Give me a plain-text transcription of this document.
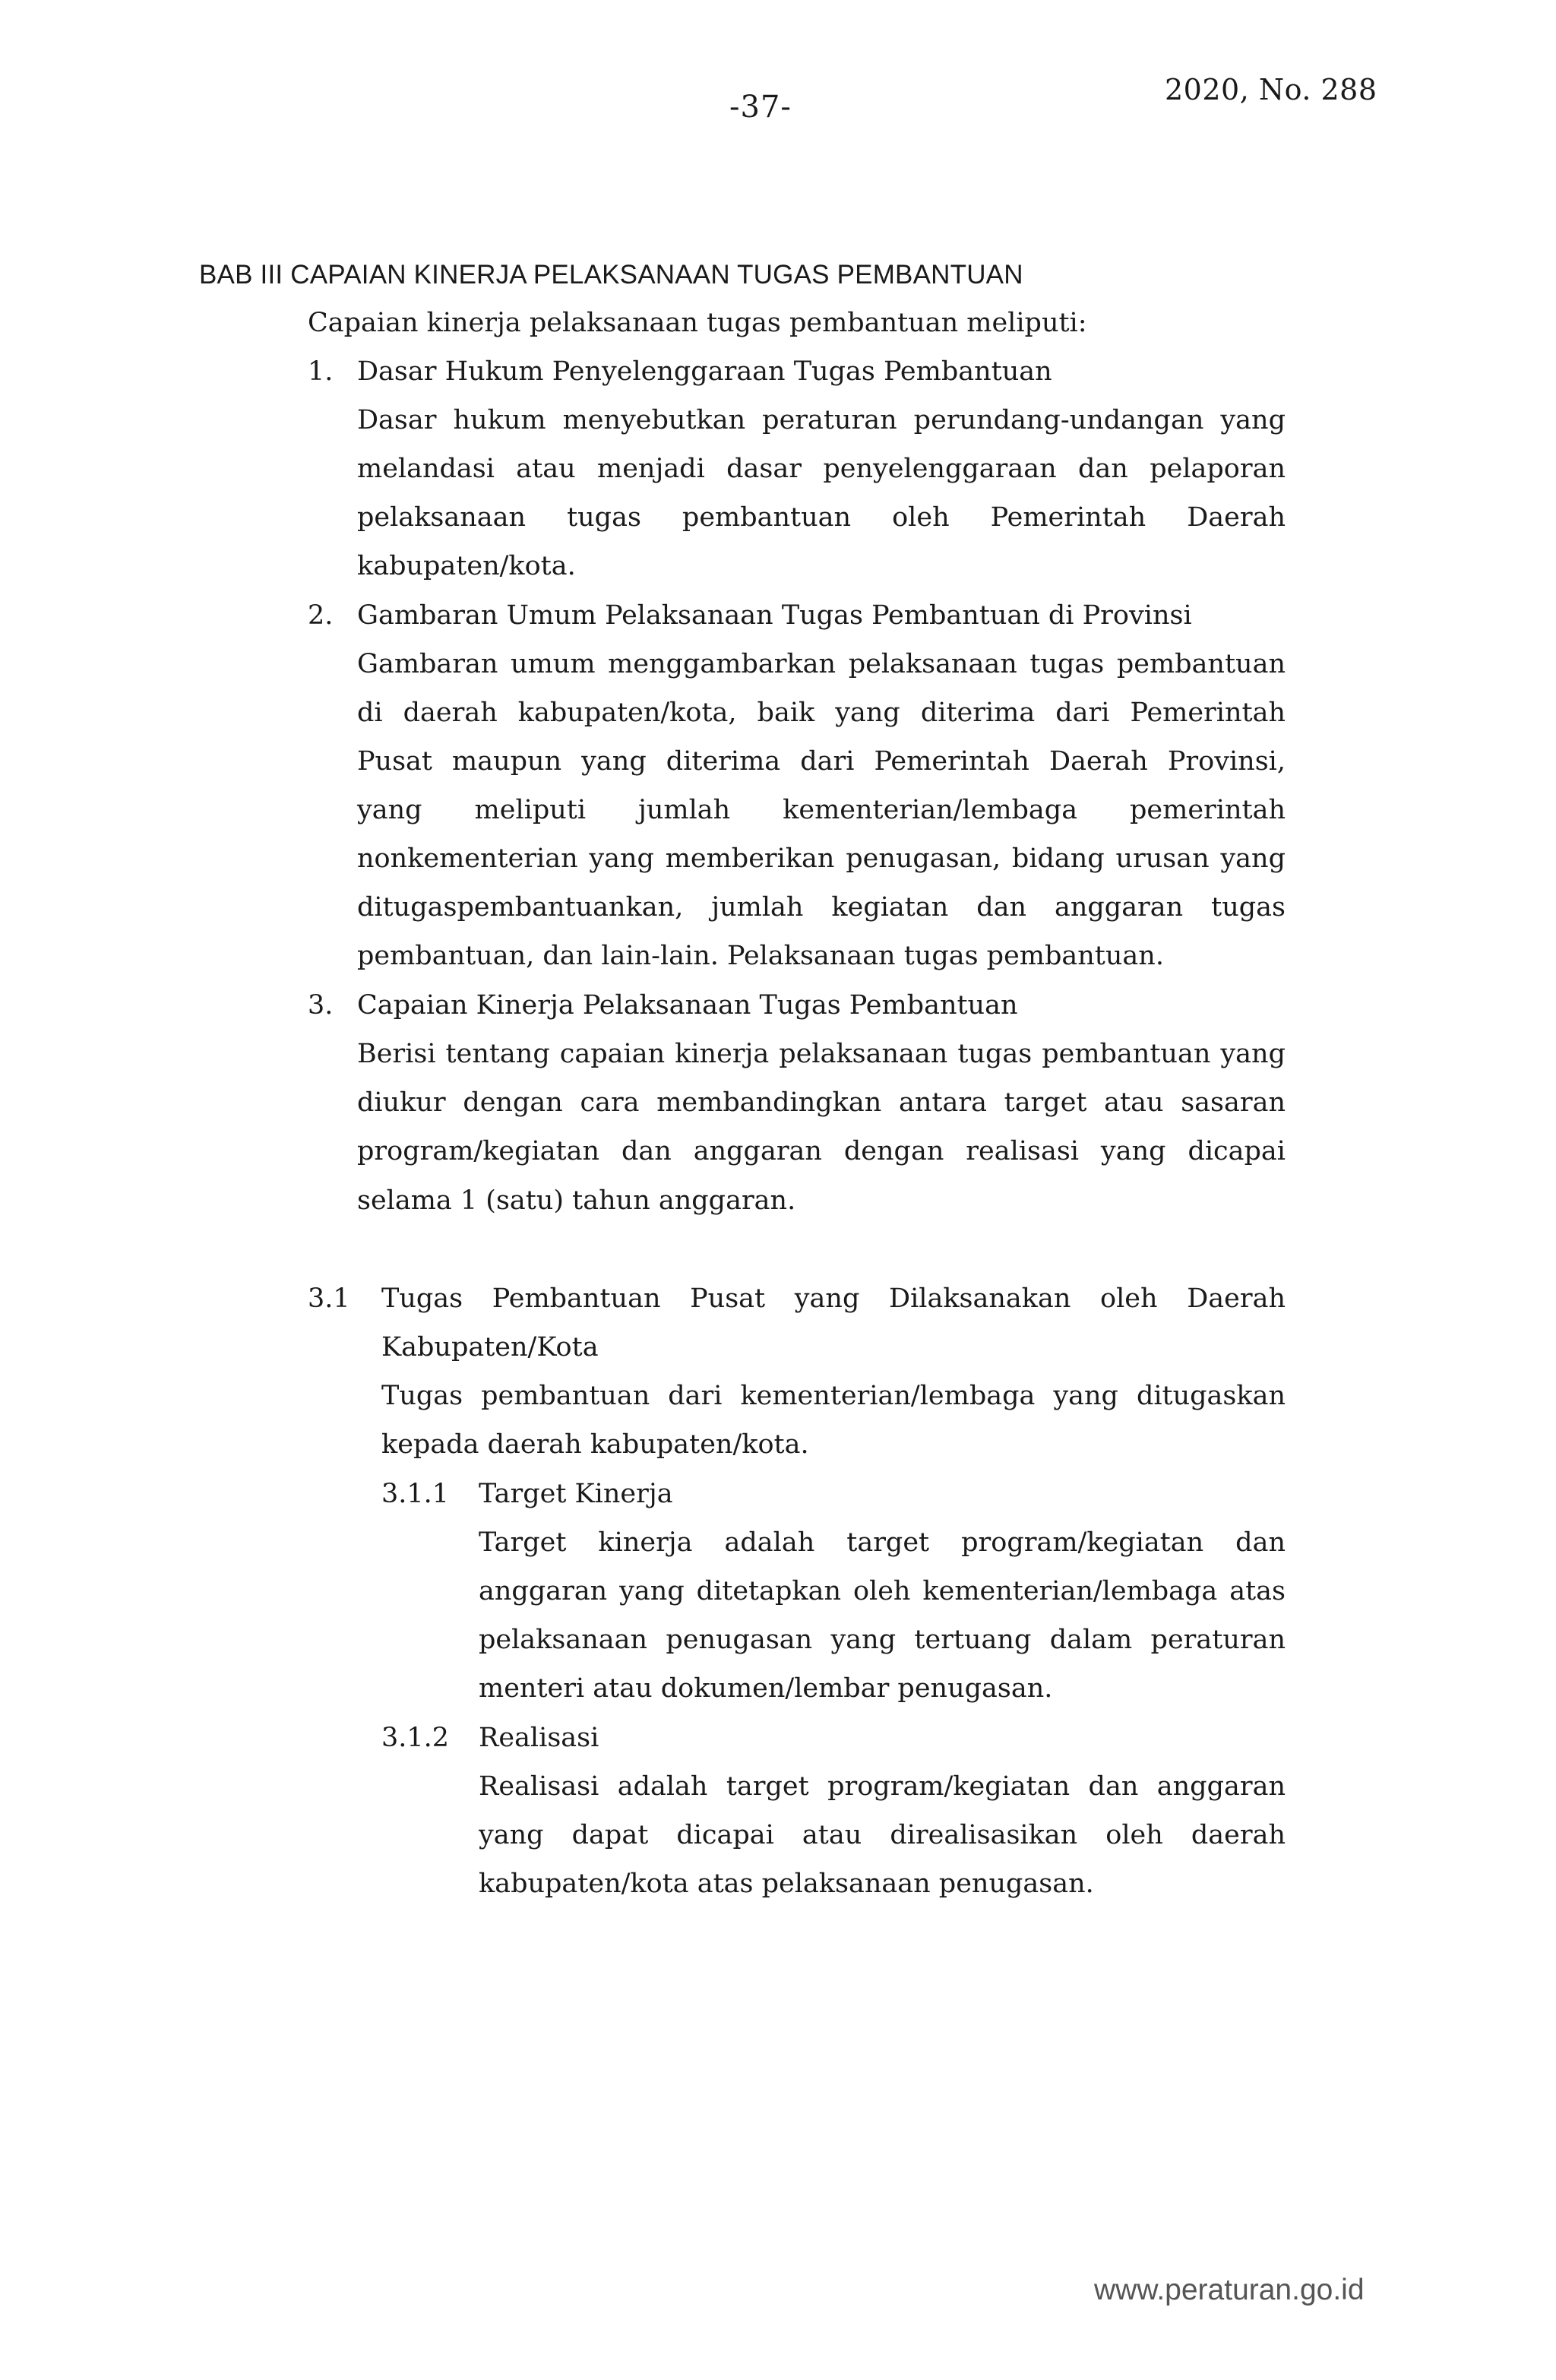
-37-	2020, No. 288
BAB III CAPAIAN KINERJA PELAKSANAAN TUGAS PEMBANTUAN
Capaian kinerja pelaksanaan tugas pembantuan meliputi:
1. Dasar Hukum Penyelenggaraan Tugas Pembantuan
Dasar hukum menyebutkan peraturan perundang-undangan yang
melandasi atau menjadi dasar penyelenggaraan dan pelaporan
pelaksanaan tugas pembantuan oleh Pemerintah Daerah
kabupaten/kota.
2. Gambaran Umum Pelaksanaan Tugas Pembantuan di Provinsi
Gambaran umum menggambarkan pelaksanaan tugas pembantuan
di daerah kabupaten/kota, baik yang diterima dari Pemerintah
Pusat maupun yang diterima dari Pemerintah Daerah Provinsi,
yang meliputi jumlah kementerian/lembaga pemerintah
nonkementerian yang memberikan penugasan, bidang urusan yang
ditugaspembantuankan, jumlah kegiatan dan anggaran tugas
pembantuan, dan lain-lain. Pelaksanaan tugas pembantuan.
3. Capaian Kinerja Pelaksanaan Tugas Pembantuan
Berisi tentang capaian kinerja pelaksanaan tugas pembantuan yang
diukur dengan cara membandingkan antara target atau sasaran
program/kegiatan dan anggaran dengan realisasi yang dicapai
selama 1 (satu) tahun anggaran.
3.1 Tugas Pembantuan Pusat yang Dilaksanakan oleh Daerah
Kabupaten/Kota
Tugas pembantuan dari kementerian/lembaga yang ditugaskan
kepada daerah kabupaten/kota.
3.1.1 Target Kinerja
Target kinerja adalah target program/kegiatan dan
anggaran yang ditetapkan oleh kementerian/lembaga atas
pelaksanaan penugasan yang tertuang dalam peraturan
menteri atau dokumen/lembar penugasan.
3.1.2 Realisasi
Realisasi adalah target program/kegiatan dan anggaran
yang dapat dicapai atau direalisasikan oleh daerah
kabupaten/kota atas pelaksanaan penugasan.
www.peraturan.go.id
